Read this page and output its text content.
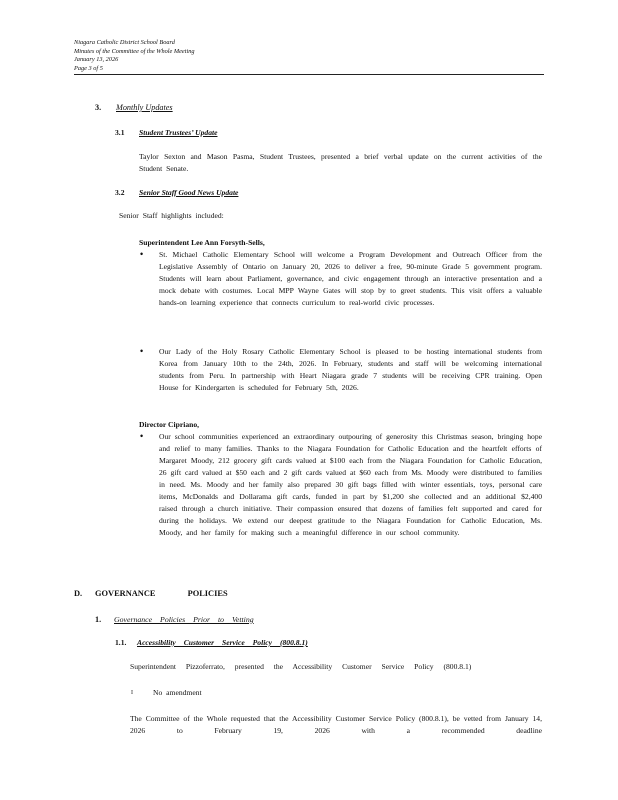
Niagara Catholic District School Board
Minutes of the Committee of the Whole Meeting
January 13, 2026
Page 3 of 5
3. Monthly Updates
3.1 Student Trustees’ Update
Taylor Sexton and Mason Pasma, Student Trustees, presented a brief verbal update on the current activities of the Student Senate.
3.2 Senior Staff Good News Update
Senior Staff highlights included:
Superintendent Lee Ann Forsyth-Sells,
• St. Michael Catholic Elementary School will welcome a Program Development and Outreach Officer from the Legislative Assembly of Ontario on January 20, 2026 to deliver a free, 90-minute Grade 5 government program. Students will learn about Parliament, governance, and civic engagement through an interactive presentation and a mock debate with costumes. Local MPP Wayne Gates will stop by to greet students. This visit offers a valuable hands-on learning experience that connects curriculum to real-world civic processes.
• Our Lady of the Holy Rosary Catholic Elementary School is pleased to be hosting international students from Korea from January 10th to the 24th, 2026. In February, students and staff will be welcoming international students from Peru. In partnership with Heart Niagara grade 7 students will be receiving CPR training. Open House for Kindergarten is scheduled for February 5th, 2026.
Director Cipriano,
• Our school communities experienced an extraordinary outpouring of generosity this Christmas season, bringing hope and relief to many families. Thanks to the Niagara Foundation for Catholic Education and the heartfelt efforts of Margaret Moody, 212 grocery gift cards valued at $100 each from the Niagara Foundation for Catholic Education, 26 gift card valued at $50 each and 2 gift cards valued at $60 each from Ms. Moody were distributed to families in need. Ms. Moody and her family also prepared 30 gift bags filled with winter essentials, toys, personal care items, McDonalds and Dollarama gift cards, funded in part by $1,200 she collected and an additional $2,400 raised through a church initiative. Their compassion ensured that dozens of families felt supported and cared for during the holidays. We extend our deepest gratitude to the Niagara Foundation for Catholic Education, Ms. Moody, and her family for making such a meaningful difference in our school community.
D. GOVERNANCE POLICIES
1. Governance Policies Prior to Vetting
1.1. Accessibility Customer Service Policy (800.8.1)
Superintendent Pizzoferrato, presented the Accessibility Customer Service Policy (800.8.1)
I	No amendment
The Committee of the Whole requested that the Accessibility Customer Service Policy (800.8.1), be vetted from January 14, 2026 to February 19, 2026 with a recommended deadline
